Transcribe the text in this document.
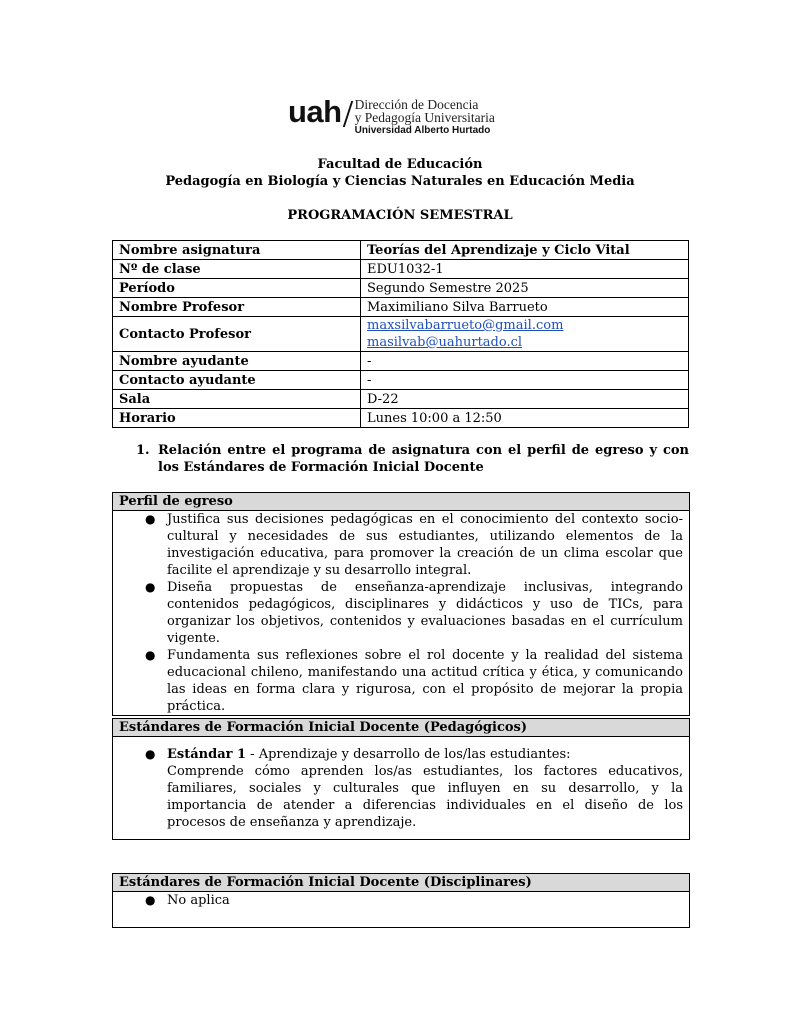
uah Dirección de Docencia
y Pedagogía Universitaria
Universidad Alberto Hurtado
Facultad de Educación
Pedagogía en Biología y Ciencias Naturales en Educación Media
PROGRAMACIÓN SEMESTRAL
Nombre asignatura	Teorías del Aprendizaje y Ciclo Vital
Nº de clase	EDU1032-1
Período	Segundo Semestre 2025
Nombre Profesor	Maximiliano Silva Barrueto
Contacto Profesor	maxsilvabarrueto@gmail.com
masilvab@uahurtado.cl

Nombre ayudante	-
Contacto ayudante	-
Sala	D-22
Horario	Lunes 10:00 a 12:50
1. Relación entre el programa de asignatura con el perfil de egreso y con los Estándares de Formación Inicial Docente
Perfil de egreso
● Justifica sus decisiones pedagógicas en el conocimiento del contexto socio-cultural y necesidades de sus estudiantes, utilizando elementos de la investigación educativa, para promover la creación de un clima escolar que facilite el aprendizaje y su desarrollo integral.
● Diseña propuestas de enseñanza-aprendizaje inclusivas, integrando contenidos pedagógicos, disciplinares y didácticos y uso de TICs, para organizar los objetivos, contenidos y evaluaciones basadas en el currículum vigente.
● Fundamenta sus reflexiones sobre el rol docente y la realidad del sistema educacional chileno, manifestando una actitud crítica y ética, y comunicando las ideas en forma clara y rigurosa, con el propósito de mejorar la propia práctica.
Estándares de Formación Inicial Docente (Pedagógicos)
● Estándar 1 - Aprendizaje y desarrollo de los/las estudiantes:
Comprende cómo aprenden los/as estudiantes, los factores educativos, familiares, sociales y culturales que influyen en su desarrollo, y la importancia de atender a diferencias individuales en el diseño de los procesos de enseñanza y aprendizaje.
Estándares de Formación Inicial Docente (Disciplinares)
● No aplica
